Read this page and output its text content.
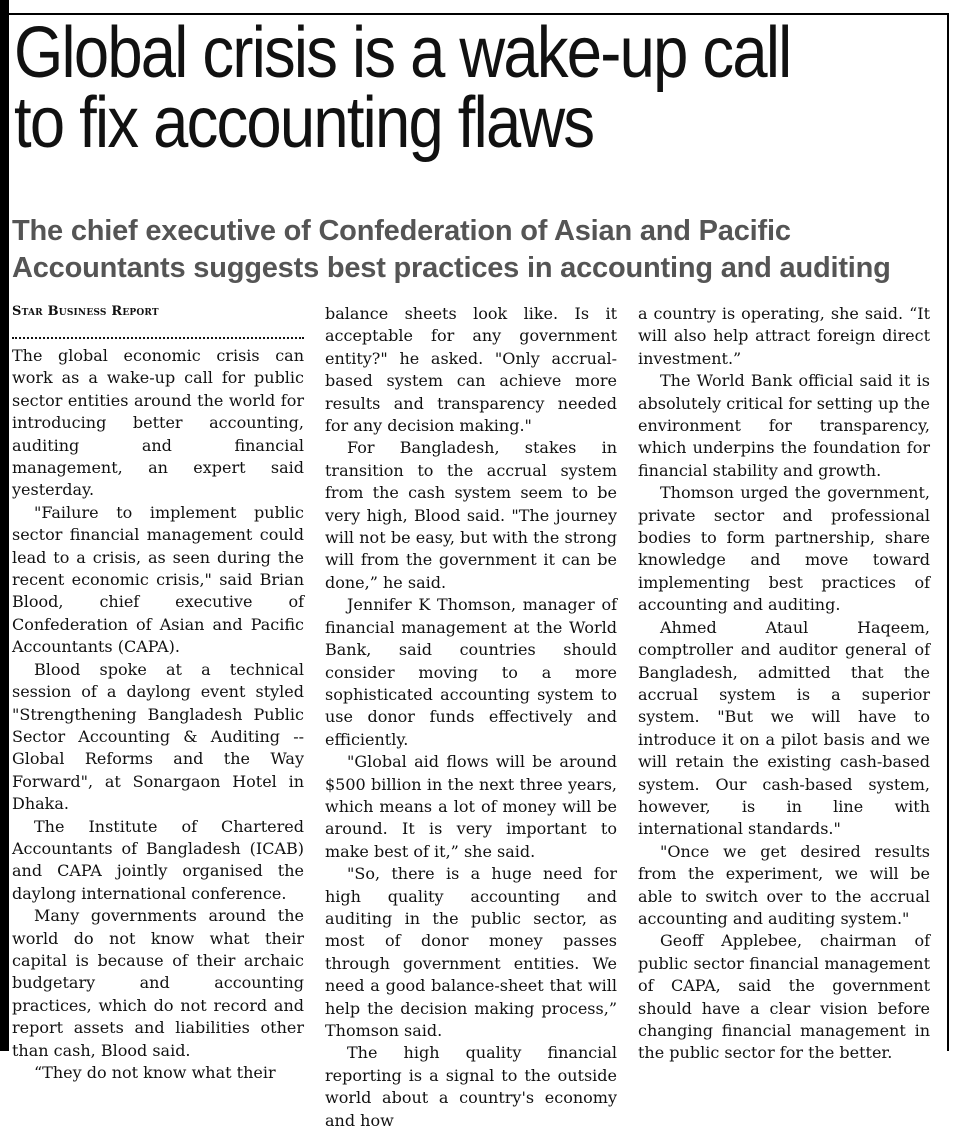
Global crisis is a wake-up call
to fix accounting flaws
The chief executive of Confederation of Asian and Pacific Accountants suggests best practices in accounting and auditing
Star Business Report

The global economic crisis can work as a wake-up call for public sector entities around the world for introducing better accounting, auditing and financial management, an expert said yesterday.

"Failure to implement public sector financial management could lead to a crisis, as seen during the recent economic crisis," said Brian Blood, chief executive of Confederation of Asian and Pacific Accountants (CAPA).

Blood spoke at a technical session of a daylong event styled "Strengthening Bangladesh Public Sector Accounting & Auditing -- Global Reforms and the Way Forward", at Sonargaon Hotel in Dhaka.

The Institute of Chartered Accountants of Bangladesh (ICAB) and CAPA jointly organised the daylong international conference.

Many governments around the world do not know what their capital is because of their archaic budgetary and accounting practices, which do not record and report assets and liabilities other than cash, Blood said.

“They do not know what their

balance sheets look like. Is it acceptable for any government entity?" he asked. "Only accrual-based system can achieve more results and transparency needed for any decision making."

For Bangladesh, stakes in transition to the accrual system from the cash system seem to be very high, Blood said. "The journey will not be easy, but with the strong will from the government it can be done,” he said.

Jennifer K Thomson, manager of financial management at the World Bank, said countries should consider moving to a more sophisticated accounting system to use donor funds effectively and efficiently.

"Global aid flows will be around $500 billion in the next three years, which means a lot of money will be around. It is very important to make best of it,” she said.

"So, there is a huge need for high quality accounting and auditing in the public sector, as most of donor money passes through government entities. We need a good balance-sheet that will help the decision making process,” Thomson said.

The high quality financial reporting is a signal to the outside world about a country's economy and how

a country is operating, she said. “It will also help attract foreign direct investment.”

The World Bank official said it is absolutely critical for setting up the environment for transparency, which underpins the foundation for financial stability and growth.

Thomson urged the government, private sector and professional bodies to form partnership, share knowledge and move toward implementing best practices of accounting and auditing.

Ahmed Ataul Haqeem, comptroller and auditor general of Bangladesh, admitted that the accrual system is a superior system. "But we will have to introduce it on a pilot basis and we will retain the existing cash-based system. Our cash-based system, however, is in line with international standards."

"Once we get desired results from the experiment, we will be able to switch over to the accrual accounting and auditing system."

Geoff Applebee, chairman of public sector financial management of CAPA, said the government should have a clear vision before changing financial management in the public sector for the better.
